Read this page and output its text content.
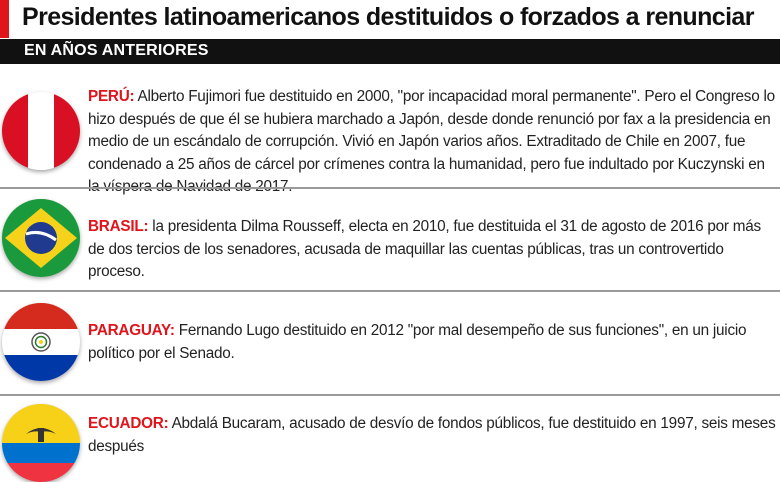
Presidentes latinoamericanos destituidos o forzados a renunciar
EN AÑOS ANTERIORES
PERÚ: Alberto Fujimori fue destituido en 2000, "por incapacidad moral permanente". Pero el Congreso lo hizo después de que él se hubiera marchado a Japón, desde donde renunció por fax a la presidencia en medio de un escándalo de corrupción. Vivió en Japón varios años. Extraditado de Chile en 2007, fue condenado a 25 años de cárcel por crímenes contra la humanidad, pero fue indultado por Kuczynski en la víspera de Navidad de 2017.
BRASIL: la presidenta Dilma Rousseff, electa en 2010, fue destituida el 31 de agosto de 2016 por más de dos tercios de los senadores, acusada de maquillar las cuentas públicas, tras un controvertido proceso.
PARAGUAY: Fernando Lugo destituido en 2012 "por mal desempeño de sus funciones", en un juicio político por el Senado.
ECUADOR: Abdalá Bucaram, acusado de desvío de fondos públicos, fue destituido en 1997, seis meses después
